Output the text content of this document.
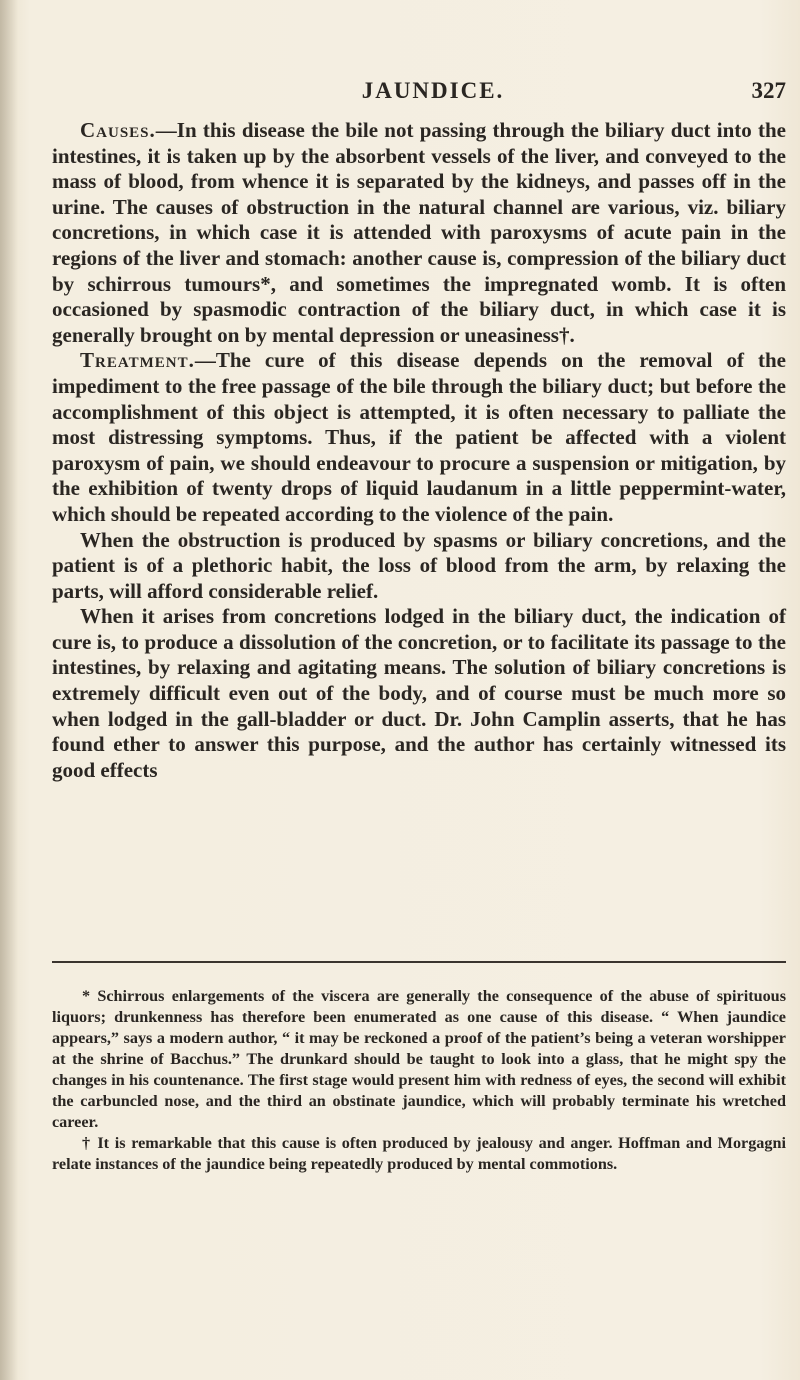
JAUNDICE.	327

Causes.—In this disease the bile not passing through the biliary duct into the intestines, it is taken up by the absorbent vessels of the liver, and conveyed to the mass of blood, from whence it is separated by the kidneys, and passes off in the urine. The causes of obstruction in the natural channel are various, viz. biliary concretions, in which case it is attended with paroxysms of acute pain in the regions of the liver and stomach: another cause is, compression of the biliary duct by schirrous tumours*, and sometimes the impregnated womb. It is often occasioned by spasmodic contraction of the biliary duct, in which case it is generally brought on by mental depression or uneasiness†.

Treatment.—The cure of this disease depends on the removal of the impediment to the free passage of the bile through the biliary duct; but before the accomplishment of this object is attempted, it is often necessary to palliate the most distressing symptoms. Thus, if the patient be affected with a violent paroxysm of pain, we should endeavour to procure a suspension or mitigation, by the exhibition of twenty drops of liquid laudanum in a little peppermint-water, which should be repeated according to the violence of the pain.

When the obstruction is produced by spasms or biliary concretions, and the patient is of a plethoric habit, the loss of blood from the arm, by relaxing the parts, will afford considerable relief.

When it arises from concretions lodged in the biliary duct, the indication of cure is, to produce a dissolution of the concretion, or to facilitate its passage to the intestines, by relaxing and agitating means. The solution of biliary concretions is extremely difficult even out of the body, and of course must be much more so when lodged in the gall-bladder or duct. Dr. John Camplin asserts, that he has found ether to answer this purpose, and the author has certainly witnessed its good effects

* Schirrous enlargements of the viscera are generally the consequence of the abuse of spirituous liquors; drunkenness has therefore been enumerated as one cause of this disease. “ When jaundice appears,” says a modern author, “ it may be reckoned a proof of the patient’s being a veteran worshipper at the shrine of Bacchus.” The drunkard should be taught to look into a glass, that he might spy the changes in his countenance. The first stage would present him with redness of eyes, the second will exhibit the carbuncled nose, and the third an obstinate jaundice, which will probably terminate his wretched career.

† It is remarkable that this cause is often produced by jealousy and anger. Hoffman and Morgagni relate instances of the jaundice being repeatedly produced by mental commotions.
